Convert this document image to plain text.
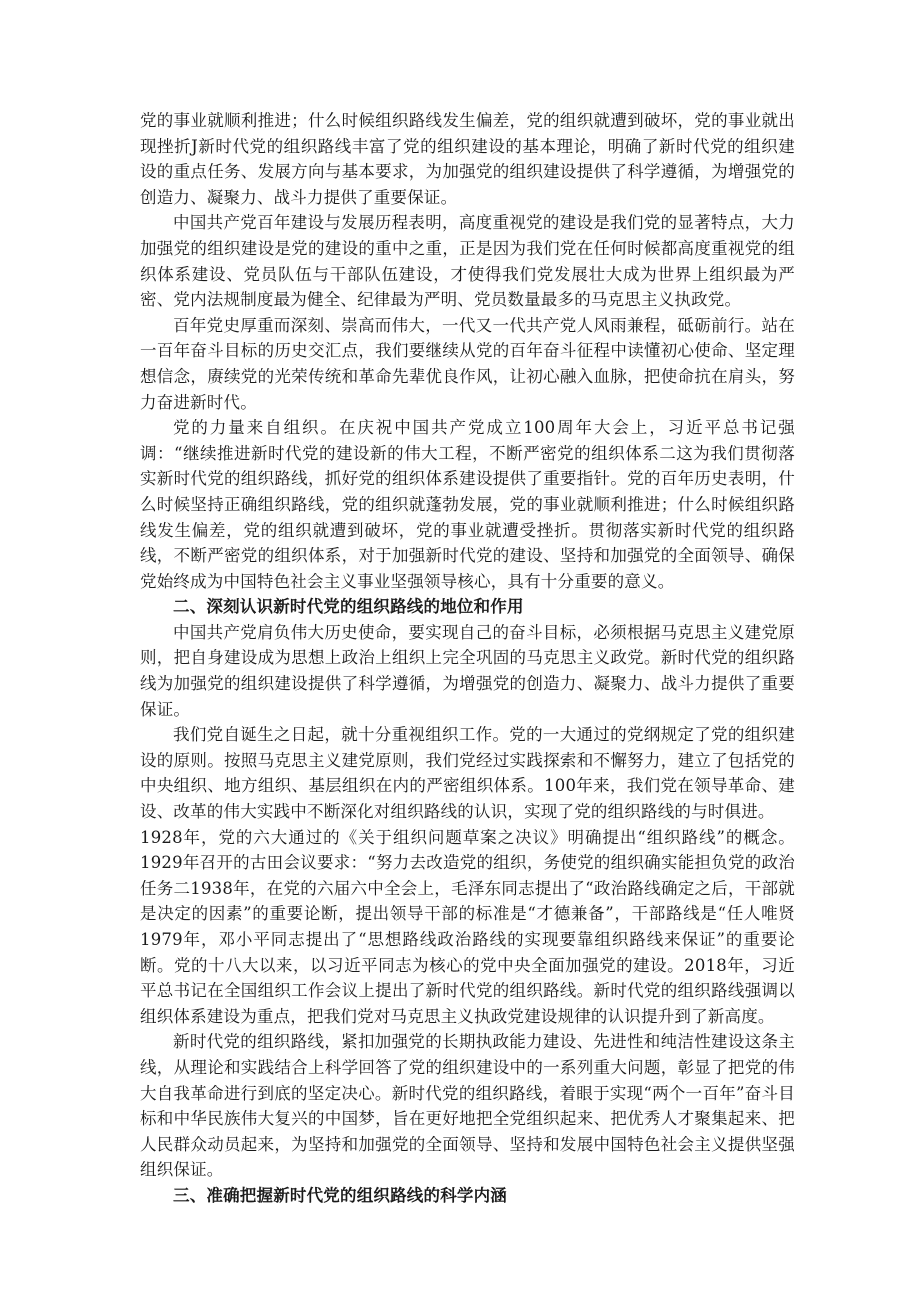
党的事业就顺利推进；什么时候组织路线发生偏差，党的组织就遭到破坏，党的事业就出现挫折J新时代党的组织路线丰富了党的组织建设的基本理论，明确了新时代党的组织建设的重点任务、发展方向与基本要求，为加强党的组织建设提供了科学遵循，为增强党的创造力、凝聚力、战斗力提供了重要保证。

中国共产党百年建设与发展历程表明，高度重视党的建设是我们党的显著特点，大力加强党的组织建设是党的建设的重中之重，正是因为我们党在任何时候都高度重视党的组织体系建设、党员队伍与干部队伍建设，才使得我们党发展壮大成为世界上组织最为严密、党内法规制度最为健全、纪律最为严明、党员数量最多的马克思主义执政党。

百年党史厚重而深刻、崇高而伟大，一代又一代共产党人风雨兼程，砥砺前行。站在一百年奋斗目标的历史交汇点，我们要继续从党的百年奋斗征程中读懂初心使命、坚定理想信念，赓续党的光荣传统和革命先辈优良作风，让初心融入血脉，把使命抗在肩头，努力奋进新时代。

党的力量来自组织。在庆祝中国共产党成立100周年大会上，习近平总书记强调：“继续推进新时代党的建设新的伟大工程，不断严密党的组织体系二这为我们贯彻落实新时代党的组织路线，抓好党的组织体系建设提供了重要指针。党的百年历史表明，什么时候坚持正确组织路线，党的组织就蓬勃发展，党的事业就顺利推进；什么时候组织路线发生偏差，党的组织就遭到破坏，党的事业就遭受挫折。贯彻落实新时代党的组织路线，不断严密党的组织体系，对于加强新时代党的建设、坚持和加强党的全面领导、确保党始终成为中国特色社会主义事业坚强领导核心，具有十分重要的意义。

二、深刻认识新时代党的组织路线的地位和作用

中国共产党肩负伟大历史使命，要实现自己的奋斗目标，必须根据马克思主义建党原则，把自身建设成为思想上政治上组织上完全巩固的马克思主义政党。新时代党的组织路线为加强党的组织建设提供了科学遵循，为增强党的创造力、凝聚力、战斗力提供了重要保证。

我们党自诞生之日起，就十分重视组织工作。党的一大通过的党纲规定了党的组织建设的原则。按照马克思主义建党原则，我们党经过实践探索和不懈努力，建立了包括党的中央组织、地方组织、基层组织在内的严密组织体系。100年来，我们党在领导革命、建设、改革的伟大实践中不断深化对组织路线的认识，实现了党的组织路线的与时俱进。

1928年，党的六大通过的《关于组织问题草案之决议》明确提出“组织路线”的概念。1929年召开的古田会议要求：“努力去改造党的组织，务使党的组织确实能担负党的政治任务二1938年，在党的六届六中全会上，毛泽东同志提出了“政治路线确定之后，干部就是决定的因素”的重要论断，提出领导干部的标准是“才德兼备”，干部路线是“任人唯贤1979年，邓小平同志提出了“思想路线政治路线的实现要靠组织路线来保证”的重要论断。党的十八大以来，以习近平同志为核心的党中央全面加强党的建设。2018年，习近平总书记在全国组织工作会议上提出了新时代党的组织路线。新时代党的组织路线强调以组织体系建设为重点，把我们党对马克思主义执政党建设规律的认识提升到了新高度。

新时代党的组织路线，紧扣加强党的长期执政能力建设、先进性和纯洁性建设这条主线，从理论和实践结合上科学回答了党的组织建设中的一系列重大问题，彰显了把党的伟大自我革命进行到底的坚定决心。新时代党的组织路线，着眼于实现“两个一百年”奋斗目标和中华民族伟大复兴的中国梦，旨在更好地把全党组织起来、把优秀人才聚集起来、把人民群众动员起来，为坚持和加强党的全面领导、坚持和发展中国特色社会主义提供坚强组织保证。

三、准确把握新时代党的组织路线的科学内涵
